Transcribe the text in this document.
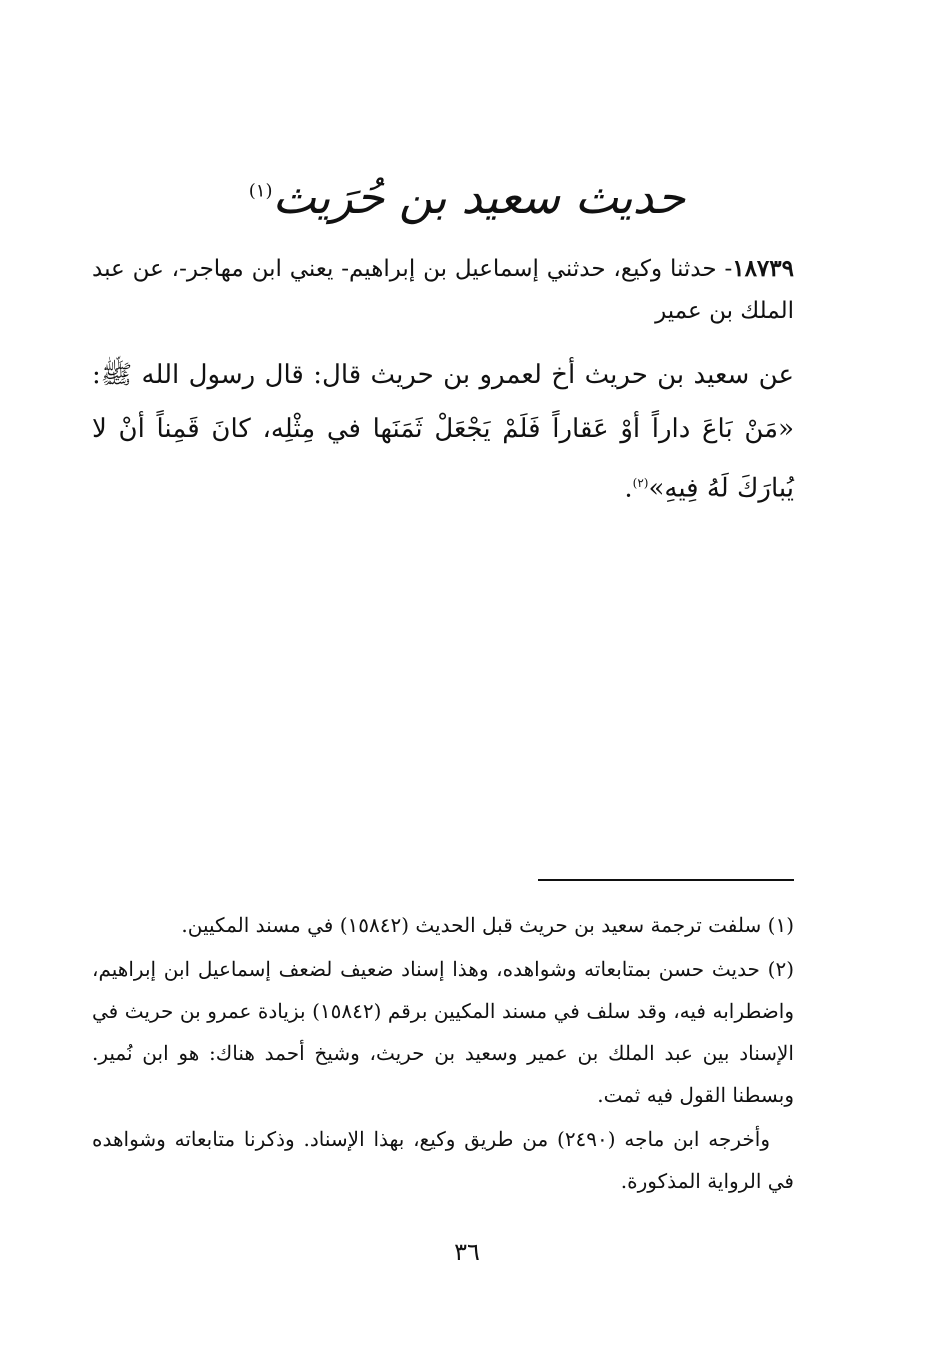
حديث سعيد بن حُرَيث$^{(١)}$
١٨٧٣٩- حدثنا وكيع، حدثني إسماعيل بن إبراهيم- يعني ابن مهاجر-، عن عبد الملك بن عمير
عن سعيد بن حريث أخ لعمرو بن حريث قال: قال رسول الله ﷺ: «مَنْ بَاعَ داراً أوْ عَقاراً فَلَمْ يَجْعَلْ ثَمَنَها في مِثْلِه، كانَ قَمِناً أنْ لا يُبارَكَ لَهُ فِيهِ»$^{(٢)}$.

(١) سلفت ترجمة سعيد بن حريث قبل الحديث (١٥٨٤٢) في مسند المكيين.

(٢) حديث حسن بمتابعاته وشواهده، وهذا إسناد ضعيف لضعف إسماعيل ابن إبراهيم، واضطرابه فيه، وقد سلف في مسند المكيين برقم (١٥٨٤٢) بزيادة عمرو بن حريث في الإسناد بين عبد الملك بن عمير وسعيد بن حريث، وشيخ أحمد هناك: هو ابن نُمير. وبسطنا القول فيه ثمت.

وأخرجه ابن ماجه (٢٤٩٠) من طريق وكيع، بهذا الإسناد. وذكرنا متابعاته وشواهده في الرواية المذكورة.

٣٦
